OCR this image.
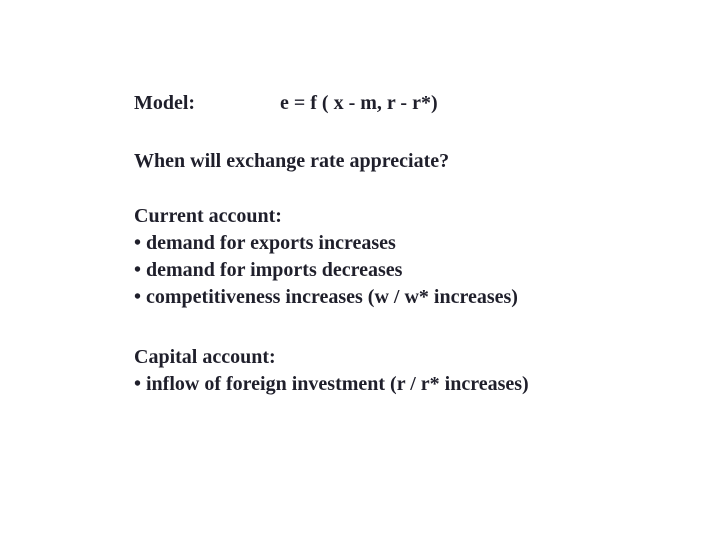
Model:	e = f ( x - m, r - r*)
When will exchange rate appreciate?
Current account:
• demand for exports increases
• demand for imports decreases
• competitiveness increases (w / w* increases)
Capital account:
• inflow of foreign investment (r / r* increases)
